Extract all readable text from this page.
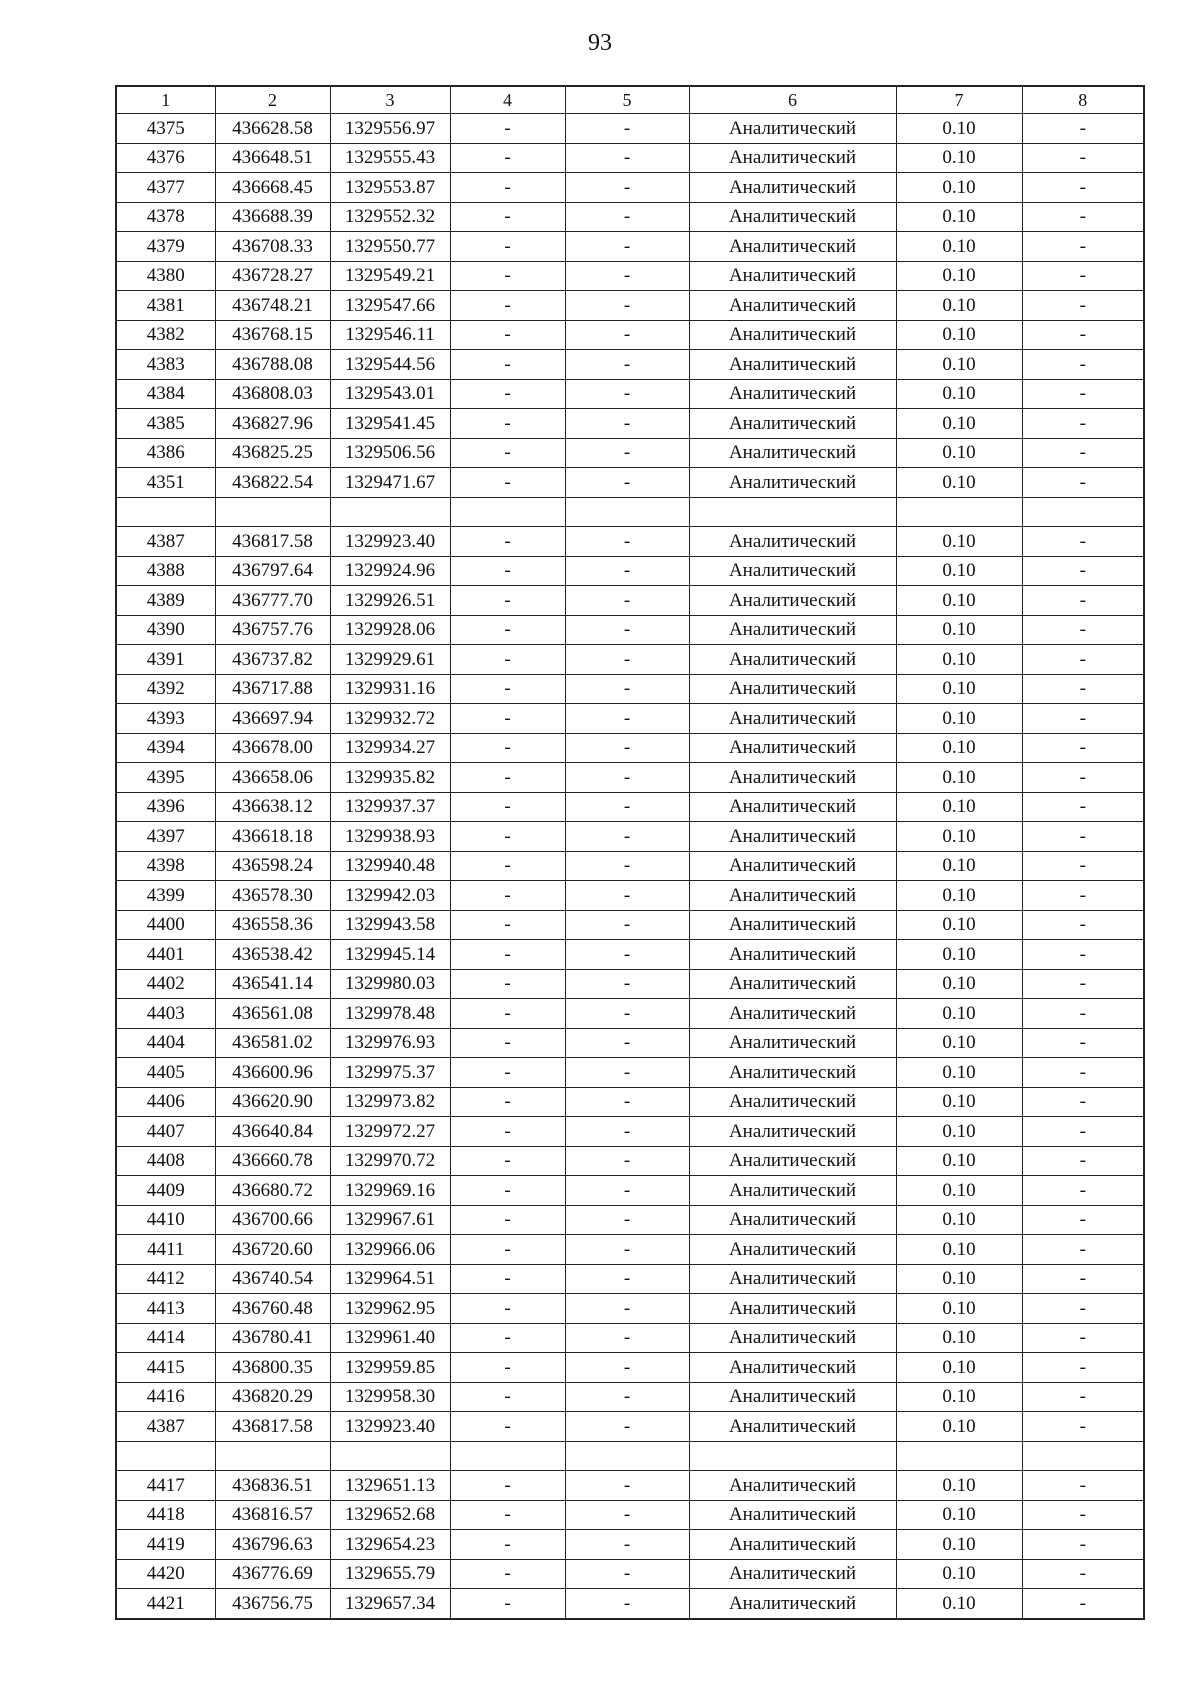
93
1	2	3	4	5	6	7	8
4375	436628.58	1329556.97	-	-	Аналитический	0.10	-
4376	436648.51	1329555.43	-	-	Аналитический	0.10	-
4377	436668.45	1329553.87	-	-	Аналитический	0.10	-
4378	436688.39	1329552.32	-	-	Аналитический	0.10	-
4379	436708.33	1329550.77	-	-	Аналитический	0.10	-
4380	436728.27	1329549.21	-	-	Аналитический	0.10	-
4381	436748.21	1329547.66	-	-	Аналитический	0.10	-
4382	436768.15	1329546.11	-	-	Аналитический	0.10	-
4383	436788.08	1329544.56	-	-	Аналитический	0.10	-
4384	436808.03	1329543.01	-	-	Аналитический	0.10	-
4385	436827.96	1329541.45	-	-	Аналитический	0.10	-
4386	436825.25	1329506.56	-	-	Аналитический	0.10	-
4351	436822.54	1329471.67	-	-	Аналитический	0.10	-

4387	436817.58	1329923.40	-	-	Аналитический	0.10	-
4388	436797.64	1329924.96	-	-	Аналитический	0.10	-
4389	436777.70	1329926.51	-	-	Аналитический	0.10	-
4390	436757.76	1329928.06	-	-	Аналитический	0.10	-
4391	436737.82	1329929.61	-	-	Аналитический	0.10	-
4392	436717.88	1329931.16	-	-	Аналитический	0.10	-
4393	436697.94	1329932.72	-	-	Аналитический	0.10	-
4394	436678.00	1329934.27	-	-	Аналитический	0.10	-
4395	436658.06	1329935.82	-	-	Аналитический	0.10	-
4396	436638.12	1329937.37	-	-	Аналитический	0.10	-
4397	436618.18	1329938.93	-	-	Аналитический	0.10	-
4398	436598.24	1329940.48	-	-	Аналитический	0.10	-
4399	436578.30	1329942.03	-	-	Аналитический	0.10	-
4400	436558.36	1329943.58	-	-	Аналитический	0.10	-
4401	436538.42	1329945.14	-	-	Аналитический	0.10	-
4402	436541.14	1329980.03	-	-	Аналитический	0.10	-
4403	436561.08	1329978.48	-	-	Аналитический	0.10	-
4404	436581.02	1329976.93	-	-	Аналитический	0.10	-
4405	436600.96	1329975.37	-	-	Аналитический	0.10	-
4406	436620.90	1329973.82	-	-	Аналитический	0.10	-
4407	436640.84	1329972.27	-	-	Аналитический	0.10	-
4408	436660.78	1329970.72	-	-	Аналитический	0.10	-
4409	436680.72	1329969.16	-	-	Аналитический	0.10	-
4410	436700.66	1329967.61	-	-	Аналитический	0.10	-
4411	436720.60	1329966.06	-	-	Аналитический	0.10	-
4412	436740.54	1329964.51	-	-	Аналитический	0.10	-
4413	436760.48	1329962.95	-	-	Аналитический	0.10	-
4414	436780.41	1329961.40	-	-	Аналитический	0.10	-
4415	436800.35	1329959.85	-	-	Аналитический	0.10	-
4416	436820.29	1329958.30	-	-	Аналитический	0.10	-
4387	436817.58	1329923.40	-	-	Аналитический	0.10	-

4417	436836.51	1329651.13	-	-	Аналитический	0.10	-
4418	436816.57	1329652.68	-	-	Аналитический	0.10	-
4419	436796.63	1329654.23	-	-	Аналитический	0.10	-
4420	436776.69	1329655.79	-	-	Аналитический	0.10	-
4421	436756.75	1329657.34	-	-	Аналитический	0.10	-
